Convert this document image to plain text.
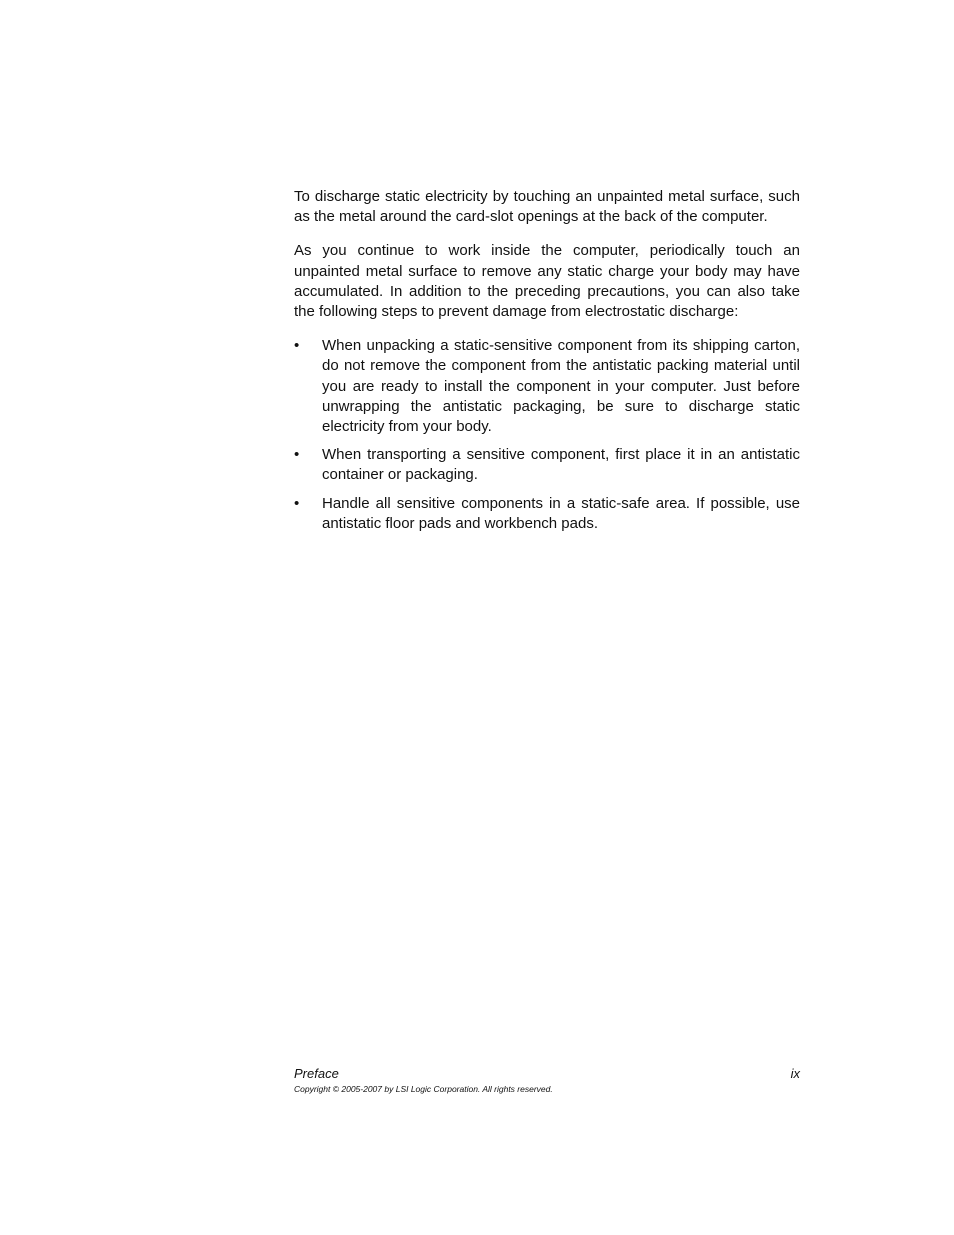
To discharge static electricity by touching an unpainted metal surface, such as the metal around the card-slot openings at the back of the computer.

As you continue to work inside the computer, periodically touch an unpainted metal surface to remove any static charge your body may have accumulated. In addition to the preceding precautions, you can also take the following steps to prevent damage from electrostatic discharge:

•	When unpacking a static-sensitive component from its shipping carton, do not remove the component from the antistatic packing material until you are ready to install the component in your computer. Just before unwrapping the antistatic packaging, be sure to discharge static electricity from your body.
•	When transporting a sensitive component, first place it in an antistatic container or packaging.
•	Handle all sensitive components in a static-safe area. If possible, use antistatic floor pads and workbench pads.
Preface	ix
Copyright © 2005-2007 by LSI Logic Corporation. All rights reserved.
